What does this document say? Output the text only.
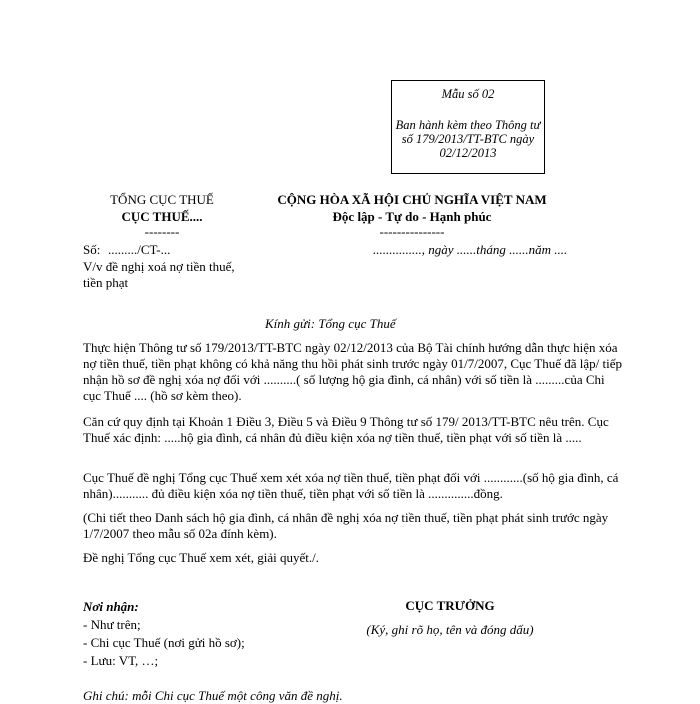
Mẫu số 02
Ban hành kèm theo Thông tư số 179/2013/TT-BTC ngày 02/12/2013
TỔNG CỤC THUẾ
CỤC THUẾ....
--------
Số: ........./CT-...
V/v đề nghị xoá nợ tiền thuế, tiền phạt
CỘNG HÒA XÃ HỘI CHỦ NGHĨA VIỆT NAM
Độc lập - Tự do - Hạnh phúc
---------------
..............., ngày ......tháng ......năm ....
Kính gửi: Tổng cục Thuế

Thực hiện Thông tư số 179/2013/TT-BTC ngày 02/12/2013 của Bộ Tài chính hướng dẫn thực hiện xóa nợ tiền thuế, tiền phạt không có khả năng thu hồi phát sinh trước ngày 01/7/2007, Cục Thuế đã lập/ tiếp nhận hồ sơ đề nghị xóa nợ đối với ..........( số lượng hộ gia đình, cá nhân) với số tiền là .........của Chi cục Thuế .... (hồ sơ kèm theo).

Căn cứ quy định tại Khoản 1 Điều 3, Điều 5 và Điều 9 Thông tư số 179/ 2013/TT-BTC nêu trên. Cục Thuế xác định: .....hộ gia đình, cá nhân đủ điều kiện xóa nợ tiền thuế, tiền phạt với số tiền là .....

Cục Thuế đề nghị Tổng cục Thuế xem xét xóa nợ tiền thuế, tiền phạt đối với ............(số hộ gia đình, cá nhân)........... đủ điều kiện xóa nợ tiền thuế, tiền phạt với số tiền là ..............đồng.

(Chi tiết theo Danh sách hộ gia đình, cá nhân đề nghị xóa nợ tiền thuế, tiền phạt phát sinh trước ngày 1/7/2007 theo mẫu số 02a đính kèm).

Đề nghị Tổng cục Thuế xem xét, giải quyết./.

Nơi nhận:
- Như trên;
- Chi cục Thuế (nơi gửi hồ sơ);
- Lưu: VT, …;
CỤC TRƯỞNG
(Ký, ghi rõ họ, tên và đóng dấu)
Ghi chú: mỗi Chi cục Thuế một công văn đề nghị.
